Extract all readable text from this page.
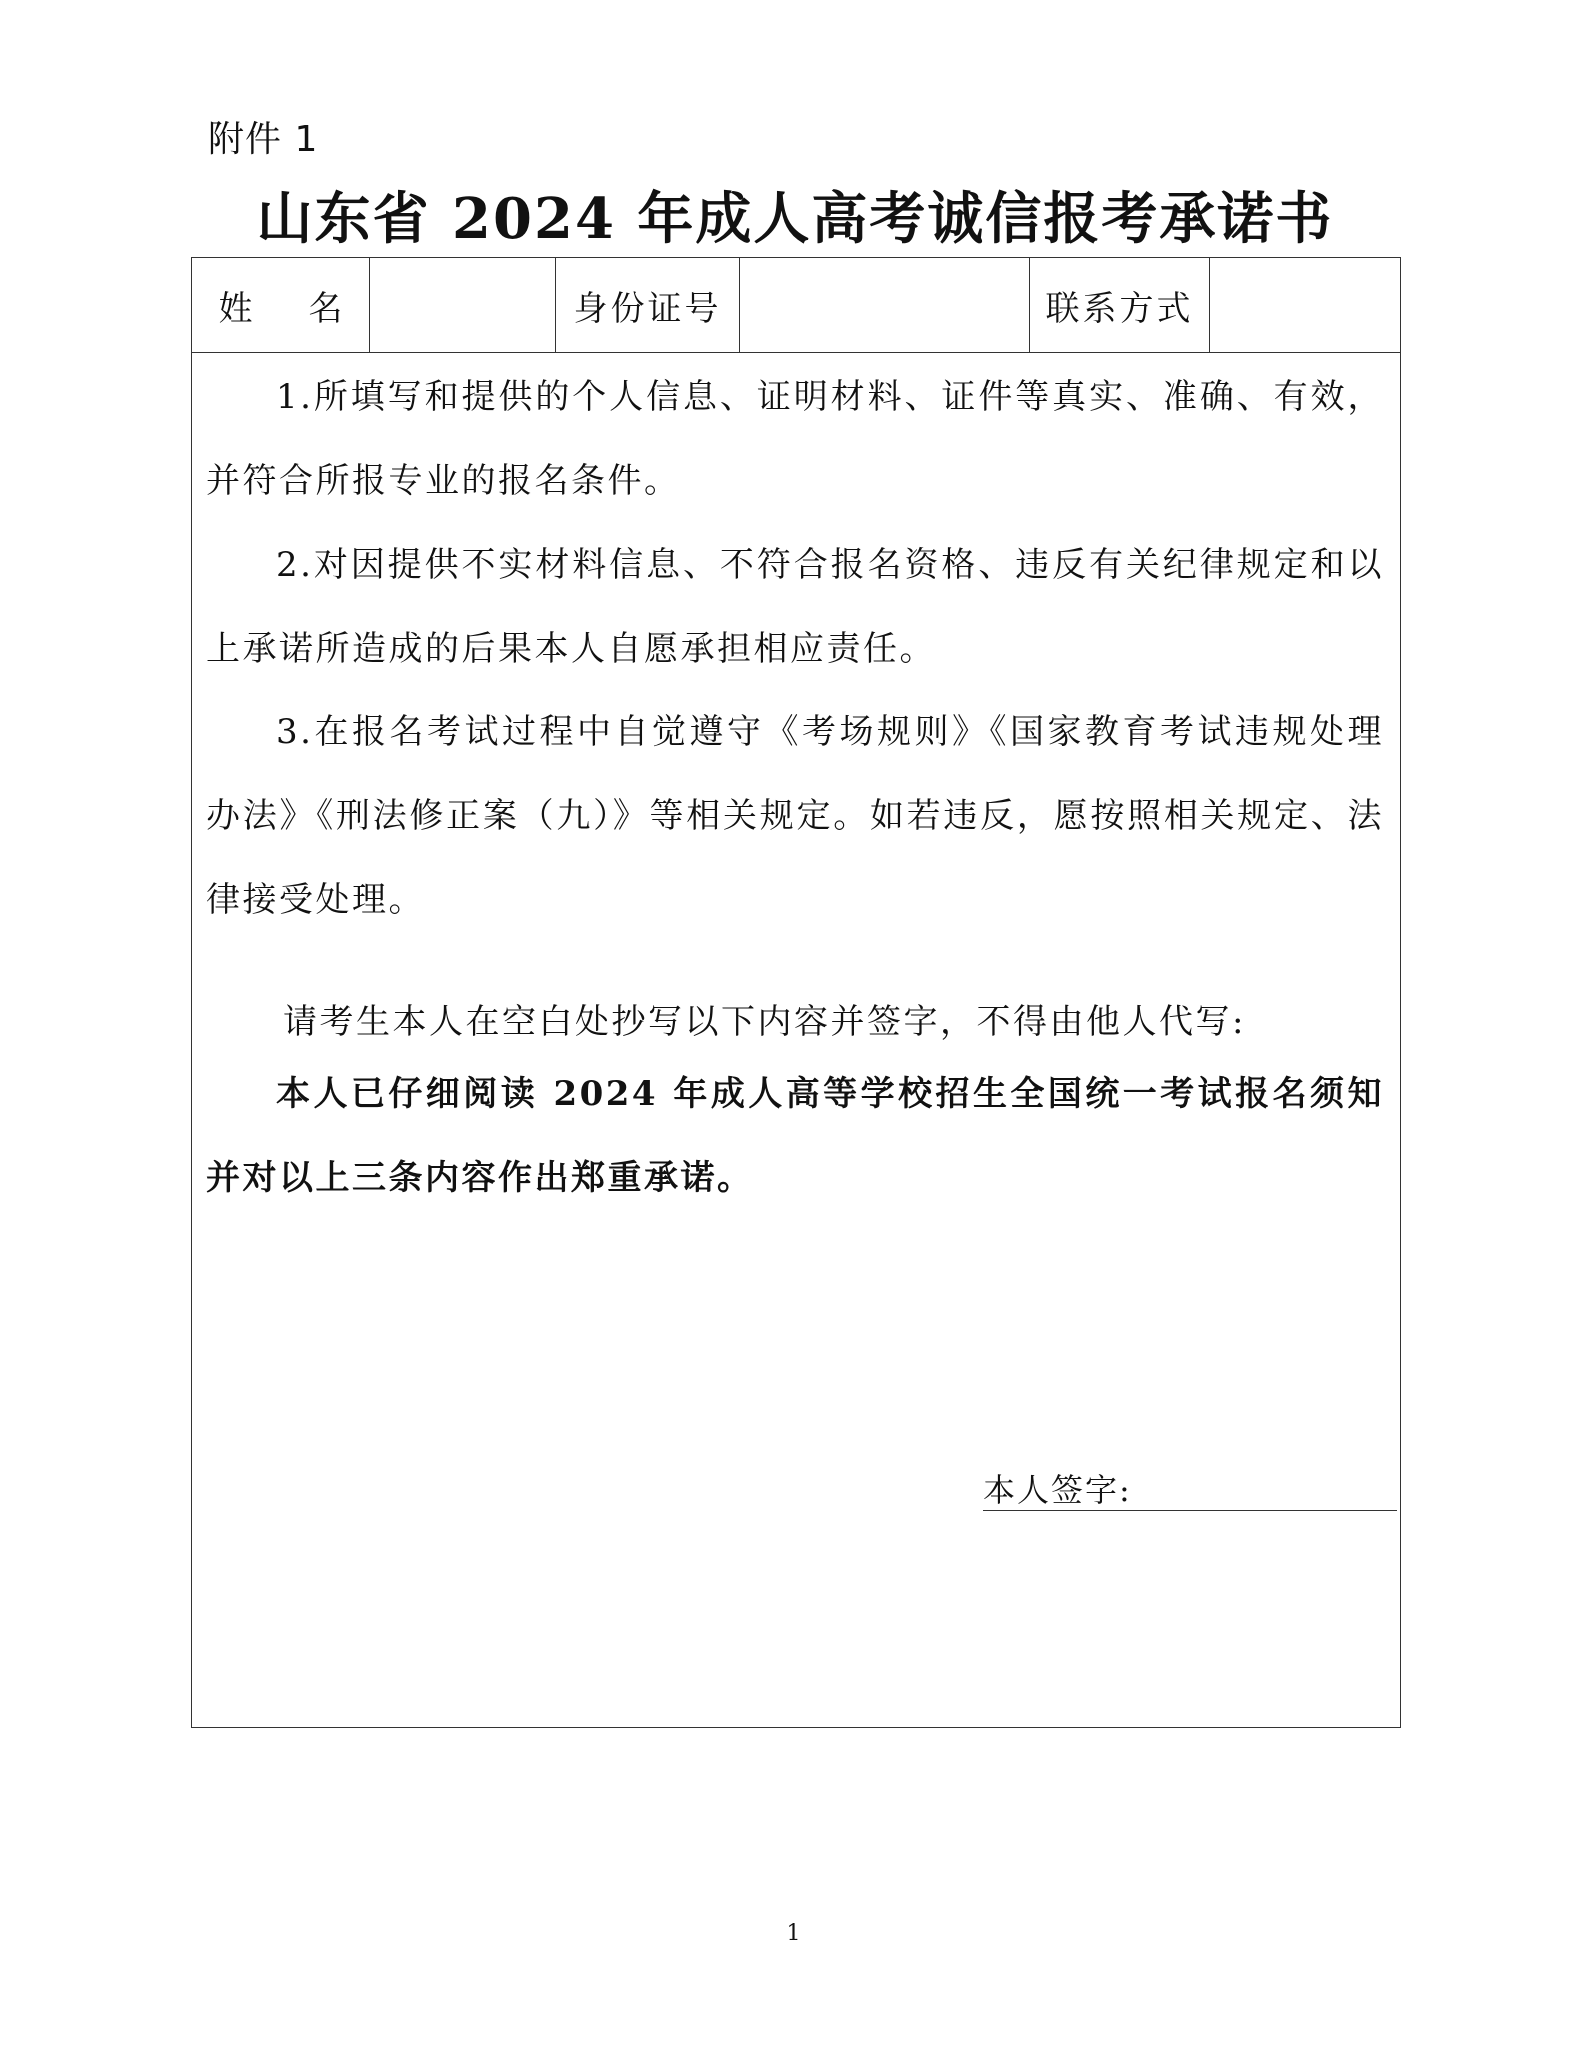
附件 1
山东省 2024 年成人高考诚信报考承诺书
姓 名	身份证号	联系方式

1.所填写和提供的个人信息、证明材料、证件等真实、准确、有效，并符合所报专业的报名条件。

2.对因提供不实材料信息、不符合报名资格、违反有关纪律规定和以上承诺所造成的后果本人自愿承担相应责任。

3.在报名考试过程中自觉遵守《考场规则》《国家教育考试违规处理办法》《刑法修正案（九）》等相关规定。如若违反，愿按照相关规定、法律接受处理。

请考生本人在空白处抄写以下内容并签字，不得由他人代写:

本人已仔细阅读 2024 年成人高等学校招生全国统一考试报名须知并对以上三条内容作出郑重承诺。

本人签字:
1
